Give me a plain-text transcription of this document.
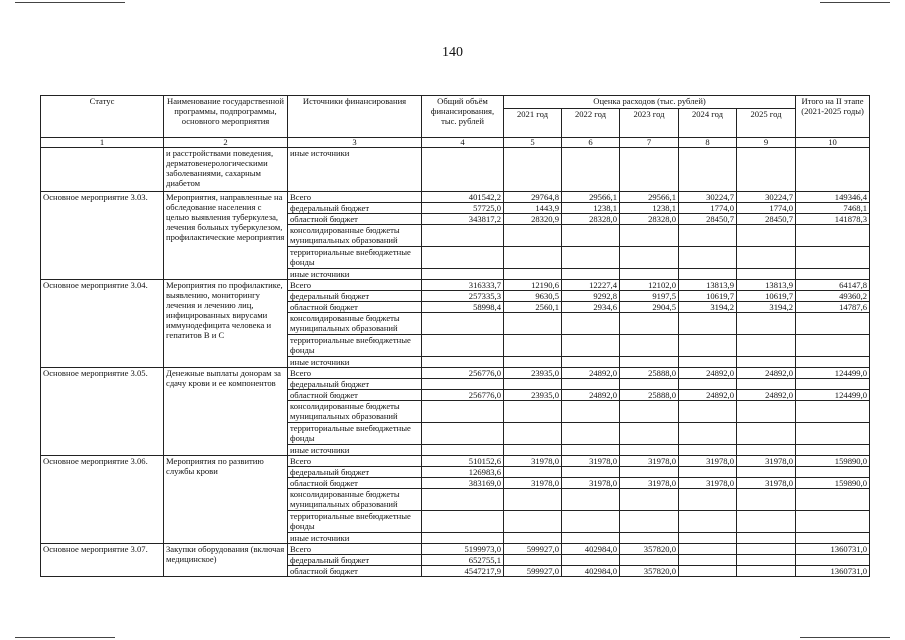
140
Статус	Наименование государственной программы, подпрограммы, основного мероприятия	Источники финансирования	Общий объём финансирования, тыс. рублей	Оценка расходов (тыс. рублей)					Итого на II этапе (2021-2025 годы)
				2021 год	2022 год	2023 год	2024 год	2025 год	
1	2	3	4	5	6	7	8	9	10
	и расстройствами поведения, дерматовенерологическими заболеваниями, сахарным диабетом	иные источники							
Основное мероприятие 3.03.	Мероприятия, направленные на обследование населения с целью выявления туберкулеза, лечения больных туберкулезом, профилактические мероприятия	Всего	401542,2	29764,8	29566,1	29566,1	30224,7	30224,7	149346,4
		федеральный бюджет	57725,0	1443,9	1238,1	1238,1	1774,0	1774,0	7468,1
		областной бюджет	343817,2	28320,9	28328,0	28328,0	28450,7	28450,7	141878,3
		консолидированные бюджеты муниципальных образований							
		территориальные внебюджетные фонды							
		иные источники							
Основное мероприятие 3.04.	Мероприятия по профилактике, выявлению, мониторингу лечения и лечению лиц, инфицированных вирусами иммунодефицита человека и гепатитов B и C	Всего	316333,7	12190,6	12227,4	12102,0	13813,9	13813,9	64147,8
		федеральный бюджет	257335,3	9630,5	9292,8	9197,5	10619,7	10619,7	49360,2
		областной бюджет	58998,4	2560,1	2934,6	2904,5	3194,2	3194,2	14787,6
		консолидированные бюджеты муниципальных образований							
		территориальные внебюджетные фонды							
		иные источники							
Основное мероприятие 3.05.	Денежные выплаты донорам за сдачу крови и ее компонентов	Всего	256776,0	23935,0	24892,0	25888,0	24892,0	24892,0	124499,0
		федеральный бюджет							
		областной бюджет	256776,0	23935,0	24892,0	25888,0	24892,0	24892,0	124499,0
		консолидированные бюджеты муниципальных образований							
		территориальные внебюджетные фонды							
		иные источники							
Основное мероприятие 3.06.	Мероприятия по развитию службы крови	Всего	510152,6	31978,0	31978,0	31978,0	31978,0	31978,0	159890,0
		федеральный бюджет	126983,6						
		областной бюджет	383169,0	31978,0	31978,0	31978,0	31978,0	31978,0	159890,0
		консолидированные бюджеты муниципальных образований							
		территориальные внебюджетные фонды							
		иные источники							
Основное мероприятие 3.07.	Закупки оборудования (включая медицинское)	Всего	5199973,0	599927,0	402984,0	357820,0			1360731,0
		федеральный бюджет	652755,1						
		областной бюджет	4547217,9	599927,0	402984,0	357820,0			1360731,0
